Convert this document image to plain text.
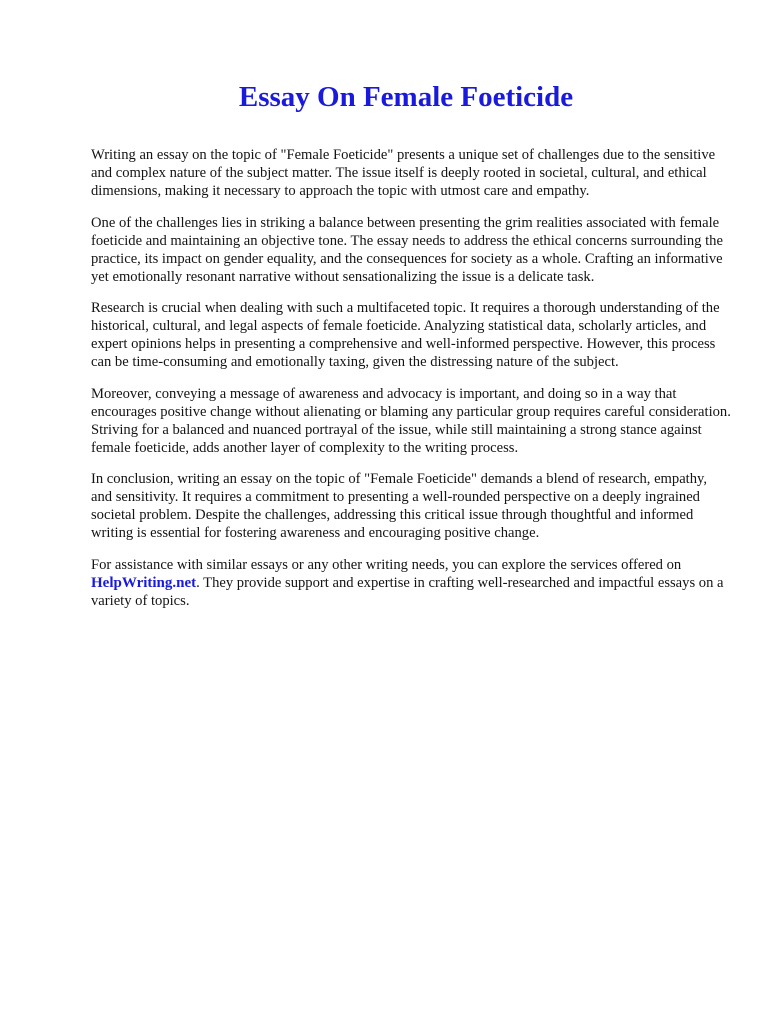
Essay On Female Foeticide

Writing an essay on the topic of "Female Foeticide" presents a unique set of challenges due to the sensitive and complex nature of the subject matter. The issue itself is deeply rooted in societal, cultural, and ethical dimensions, making it necessary to approach the topic with utmost care and empathy.

One of the challenges lies in striking a balance between presenting the grim realities associated with female foeticide and maintaining an objective tone. The essay needs to address the ethical concerns surrounding the practice, its impact on gender equality, and the consequences for society as a whole. Crafting an informative yet emotionally resonant narrative without sensationalizing the issue is a delicate task.

Research is crucial when dealing with such a multifaceted topic. It requires a thorough understanding of the historical, cultural, and legal aspects of female foeticide. Analyzing statistical data, scholarly articles, and expert opinions helps in presenting a comprehensive and well-informed perspective. However, this process can be time-consuming and emotionally taxing, given the distressing nature of the subject.

Moreover, conveying a message of awareness and advocacy is important, and doing so in a way that encourages positive change without alienating or blaming any particular group requires careful consideration. Striving for a balanced and nuanced portrayal of the issue, while still maintaining a strong stance against female foeticide, adds another layer of complexity to the writing process.

In conclusion, writing an essay on the topic of "Female Foeticide" demands a blend of research, empathy, and sensitivity. It requires a commitment to presenting a well-rounded perspective on a deeply ingrained societal problem. Despite the challenges, addressing this critical issue through thoughtful and informed writing is essential for fostering awareness and encouraging positive change.

For assistance with similar essays or any other writing needs, you can explore the services offered on HelpWriting.net. They provide support and expertise in crafting well-researched and impactful essays on a variety of topics.
